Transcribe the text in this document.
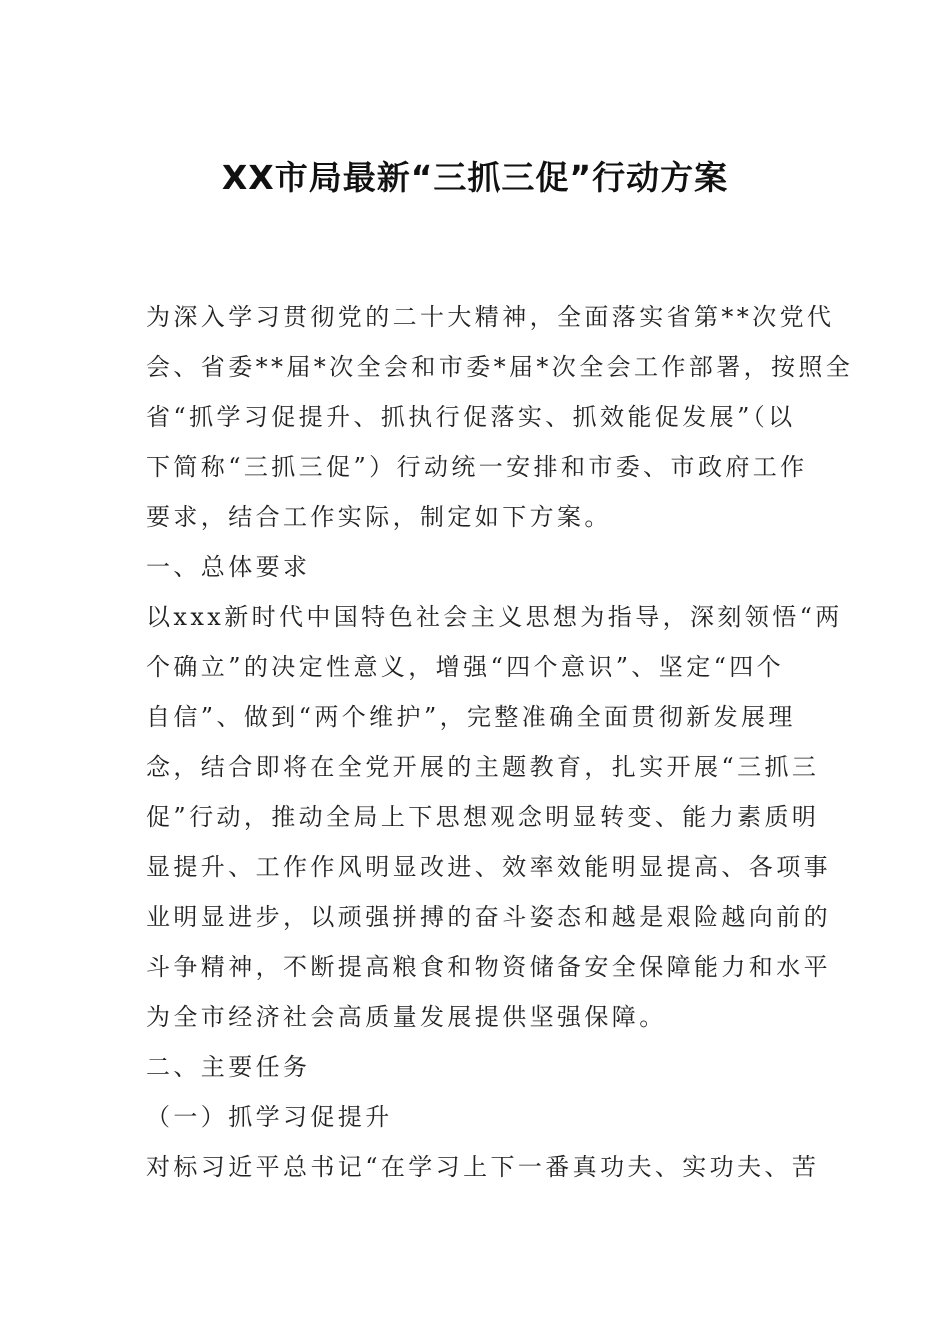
XX市局最新“三抓三促”行动方案
为深入学习贯彻党的二十大精神，全面落实省第**次党代
会、省委**届*次全会和市委*届*次全会工作部署，按照全
省“抓学习促提升、抓执行促落实、抓效能促发展”（以
下简称“三抓三促”）行动统一安排和市委、市政府工作
要求，结合工作实际，制定如下方案。
一、总体要求
以xxx新时代中国特色社会主义思想为指导，深刻领悟“两
个确立”的决定性意义，增强“四个意识”、坚定“四个
自信”、做到“两个维护”，完整准确全面贯彻新发展理
念，结合即将在全党开展的主题教育，扎实开展“三抓三
促”行动，推动全局上下思想观念明显转变、能力素质明
显提升、工作作风明显改进、效率效能明显提高、各项事
业明显进步，以顽强拼搏的奋斗姿态和越是艰险越向前的
斗争精神，不断提高粮食和物资储备安全保障能力和水平
为全市经济社会高质量发展提供坚强保障。
二、主要任务
（一）抓学习促提升
对标习近平总书记“在学习上下一番真功夫、实功夫、苦
